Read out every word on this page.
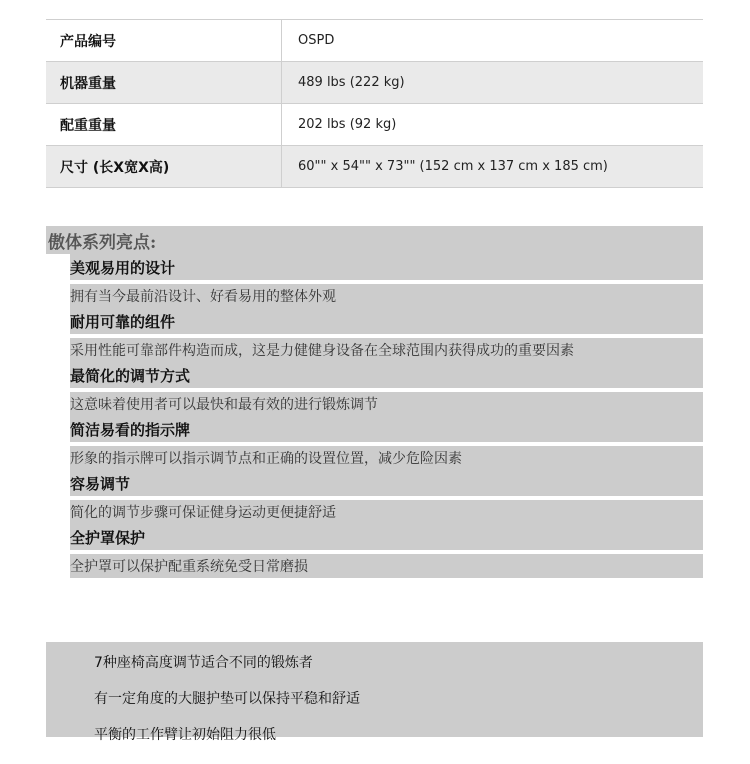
产品编号	OSPD
机器重量	489 lbs (222 kg)
配重重量	202 lbs (92 kg)
尺寸 (长X宽X高)	60"" x 54"" x 73"" (152 cm x 137 cm x 185 cm)
傲体系列亮点:
美观易用的设计
拥有当今最前沿设计、好看易用的整体外观
耐用可靠的组件
采用性能可靠部件构造而成，这是力健健身设备在全球范围内获得成功的重要因素
最简化的调节方式
这意味着使用者可以最快和最有效的进行锻炼调节
简洁易看的指示牌
形象的指示牌可以指示调节点和正确的设置位置，减少危险因素
容易调节
简化的调节步骤可保证健身运动更便捷舒适
全护罩保护
全护罩可以保护配重系统免受日常磨损
7种座椅高度调节适合不同的锻炼者
有一定角度的大腿护垫可以保持平稳和舒适
平衡的工作臂让初始阻力很低
